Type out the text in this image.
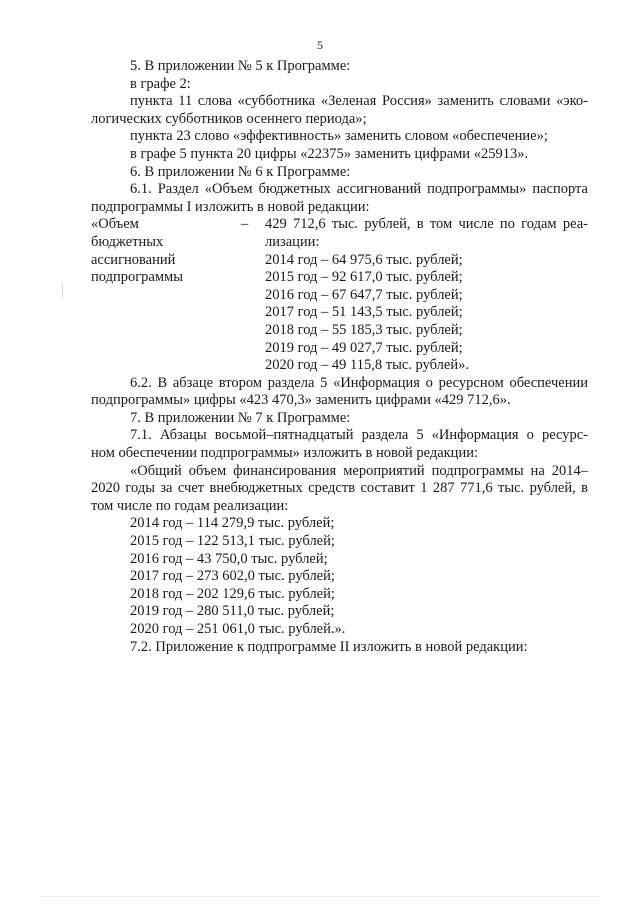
5

5. В приложении № 5 к Программе:

в графе 2:

пункта 11 слова «субботника «Зеленая Россия» заменить словами «эко-

логических субботников осеннего периода»;

пункта 23 слово «эффективность» заменить словом «обеспечение»;

в графе 5 пункта 20 цифры «22375» заменить цифрами «25913».

6. В приложении № 6 к Программе:

6.1. Раздел «Объем бюджетных ассигнований подпрограммы» паспорта

подпрограммы I изложить в новой редакции:

«Объем
бюджетных
ассигнований
подпрограммы
–	429 712,6 тыс. рублей, в том числе по годам реа-
лизации:
2014 год – 64 975,6 тыс. рублей;
2015 год – 92 617,0 тыс. рублей;
2016 год – 67 647,7 тыс. рублей;
2017 год – 51 143,5 тыс. рублей;
2018 год – 55 185,3 тыс. рублей;
2019 год – 49 027,7 тыс. рублей;
2020 год – 49 115,8 тыс. рублей».

6.2. В абзаце втором раздела 5 «Информация о ресурсном обеспечении

подпрограммы» цифры «423 470,3» заменить цифрами «429 712,6».

7. В приложении № 7 к Программе:

7.1. Абзацы восьмой–пятнадцатый раздела 5 «Информация о ресурс-

ном обеспечении подпрограммы» изложить в новой редакции:

«Общий объем финансирования мероприятий подпрограммы на 2014–

2020 годы за счет внебюджетных средств составит 1 287 771,6 тыс. рублей, в

том числе по годам реализации:

2014 год – 114 279,9 тыс. рублей;
2015 год – 122 513,1 тыс. рублей;
2016 год – 43 750,0 тыс. рублей;
2017 год – 273 602,0 тыс. рублей;
2018 год – 202 129,6 тыс. рублей;
2019 год – 280 511,0 тыс. рублей;
2020 год – 251 061,0 тыс. рублей.».

7.2. Приложение к подпрограмме II изложить в новой редакции:
